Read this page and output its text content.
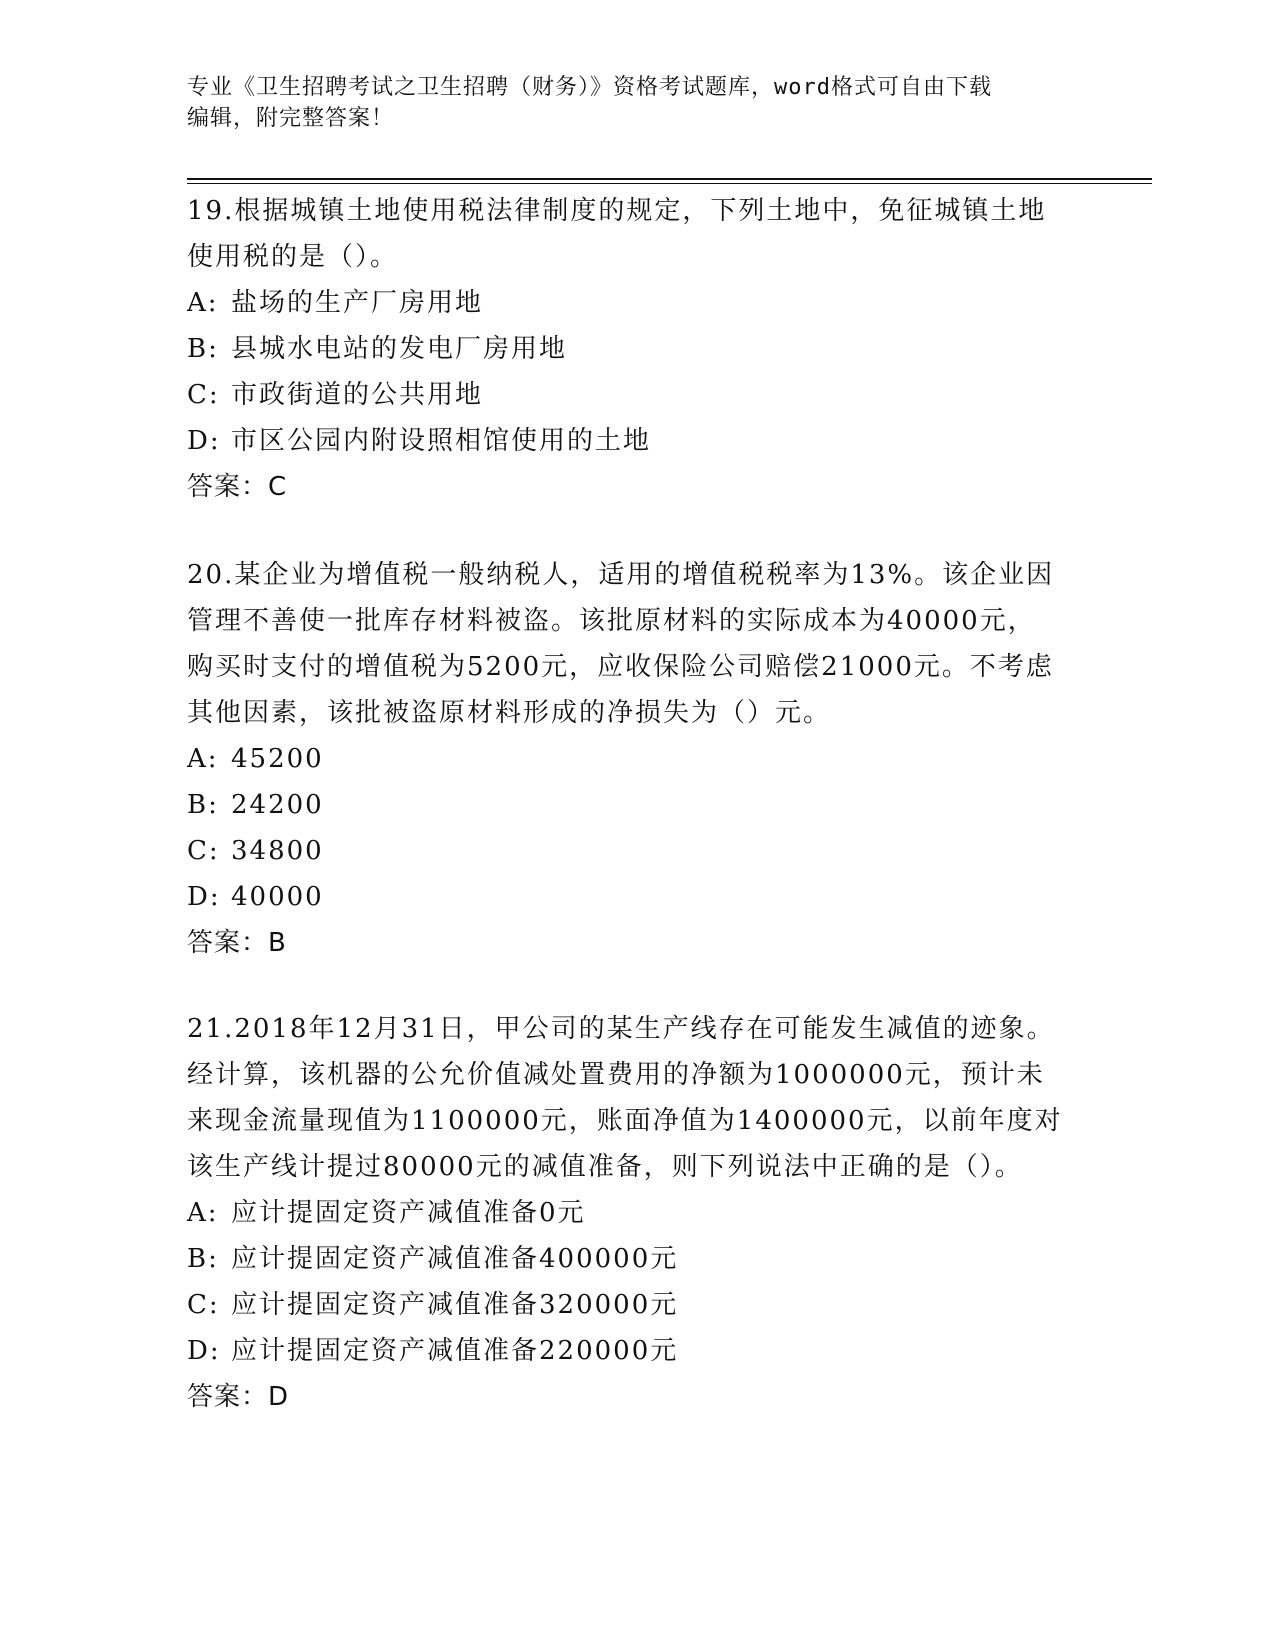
专业《卫生招聘考试之卫生招聘（财务）》资格考试题库，word格式可自由下载
编辑，附完整答案！
19.根据城镇土地使用税法律制度的规定，下列土地中，免征城镇土地
使用税的是（）。
A: 盐场的生产厂房用地
B: 县城水电站的发电厂房用地
C: 市政街道的公共用地
D: 市区公园内附设照相馆使用的土地
答案：C
20.某企业为增值税一般纳税人，适用的增值税税率为13%。该企业因
管理不善使一批库存材料被盗。该批原材料的实际成本为40000元，
购买时支付的增值税为5200元，应收保险公司赔偿21000元。不考虑
其他因素，该批被盗原材料形成的净损失为（）元。
A: 45200
B: 24200
C: 34800
D: 40000
答案：B
21.2018年12月31日，甲公司的某生产线存在可能发生减值的迹象。
经计算，该机器的公允价值减处置费用的净额为1000000元，预计未
来现金流量现值为1100000元，账面净值为1400000元，以前年度对
该生产线计提过80000元的减值准备，则下列说法中正确的是（）。
A: 应计提固定资产减值准备0元
B: 应计提固定资产减值准备400000元
C: 应计提固定资产减值准备320000元
D: 应计提固定资产减值准备220000元
答案：D
